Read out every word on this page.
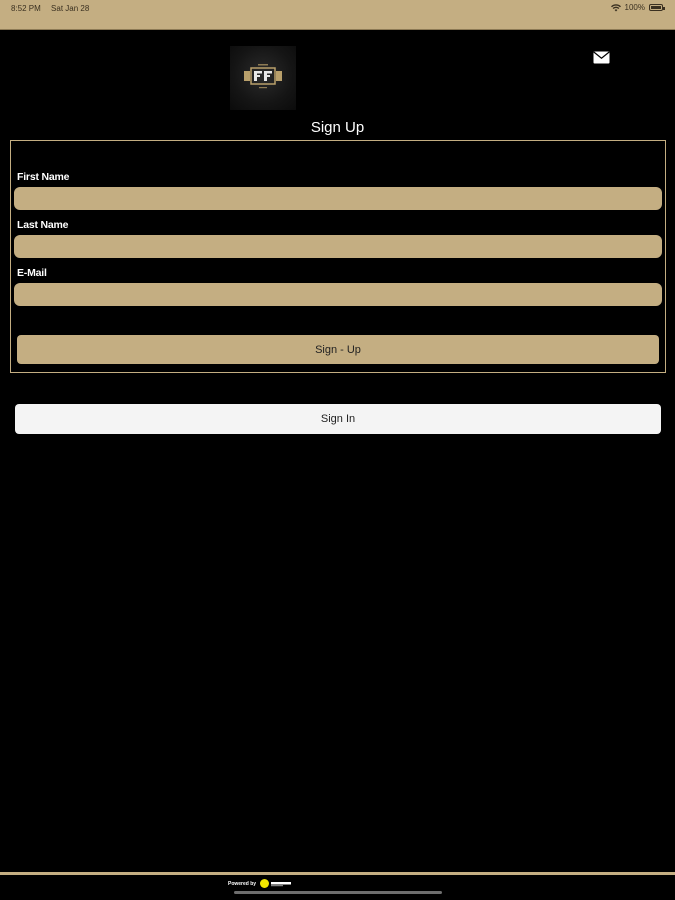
8:52 PM Sat Jan 28	100%
Sign Up
First Name
Last Name
E-Mail
Sign - Up
Sign In
Powered by
